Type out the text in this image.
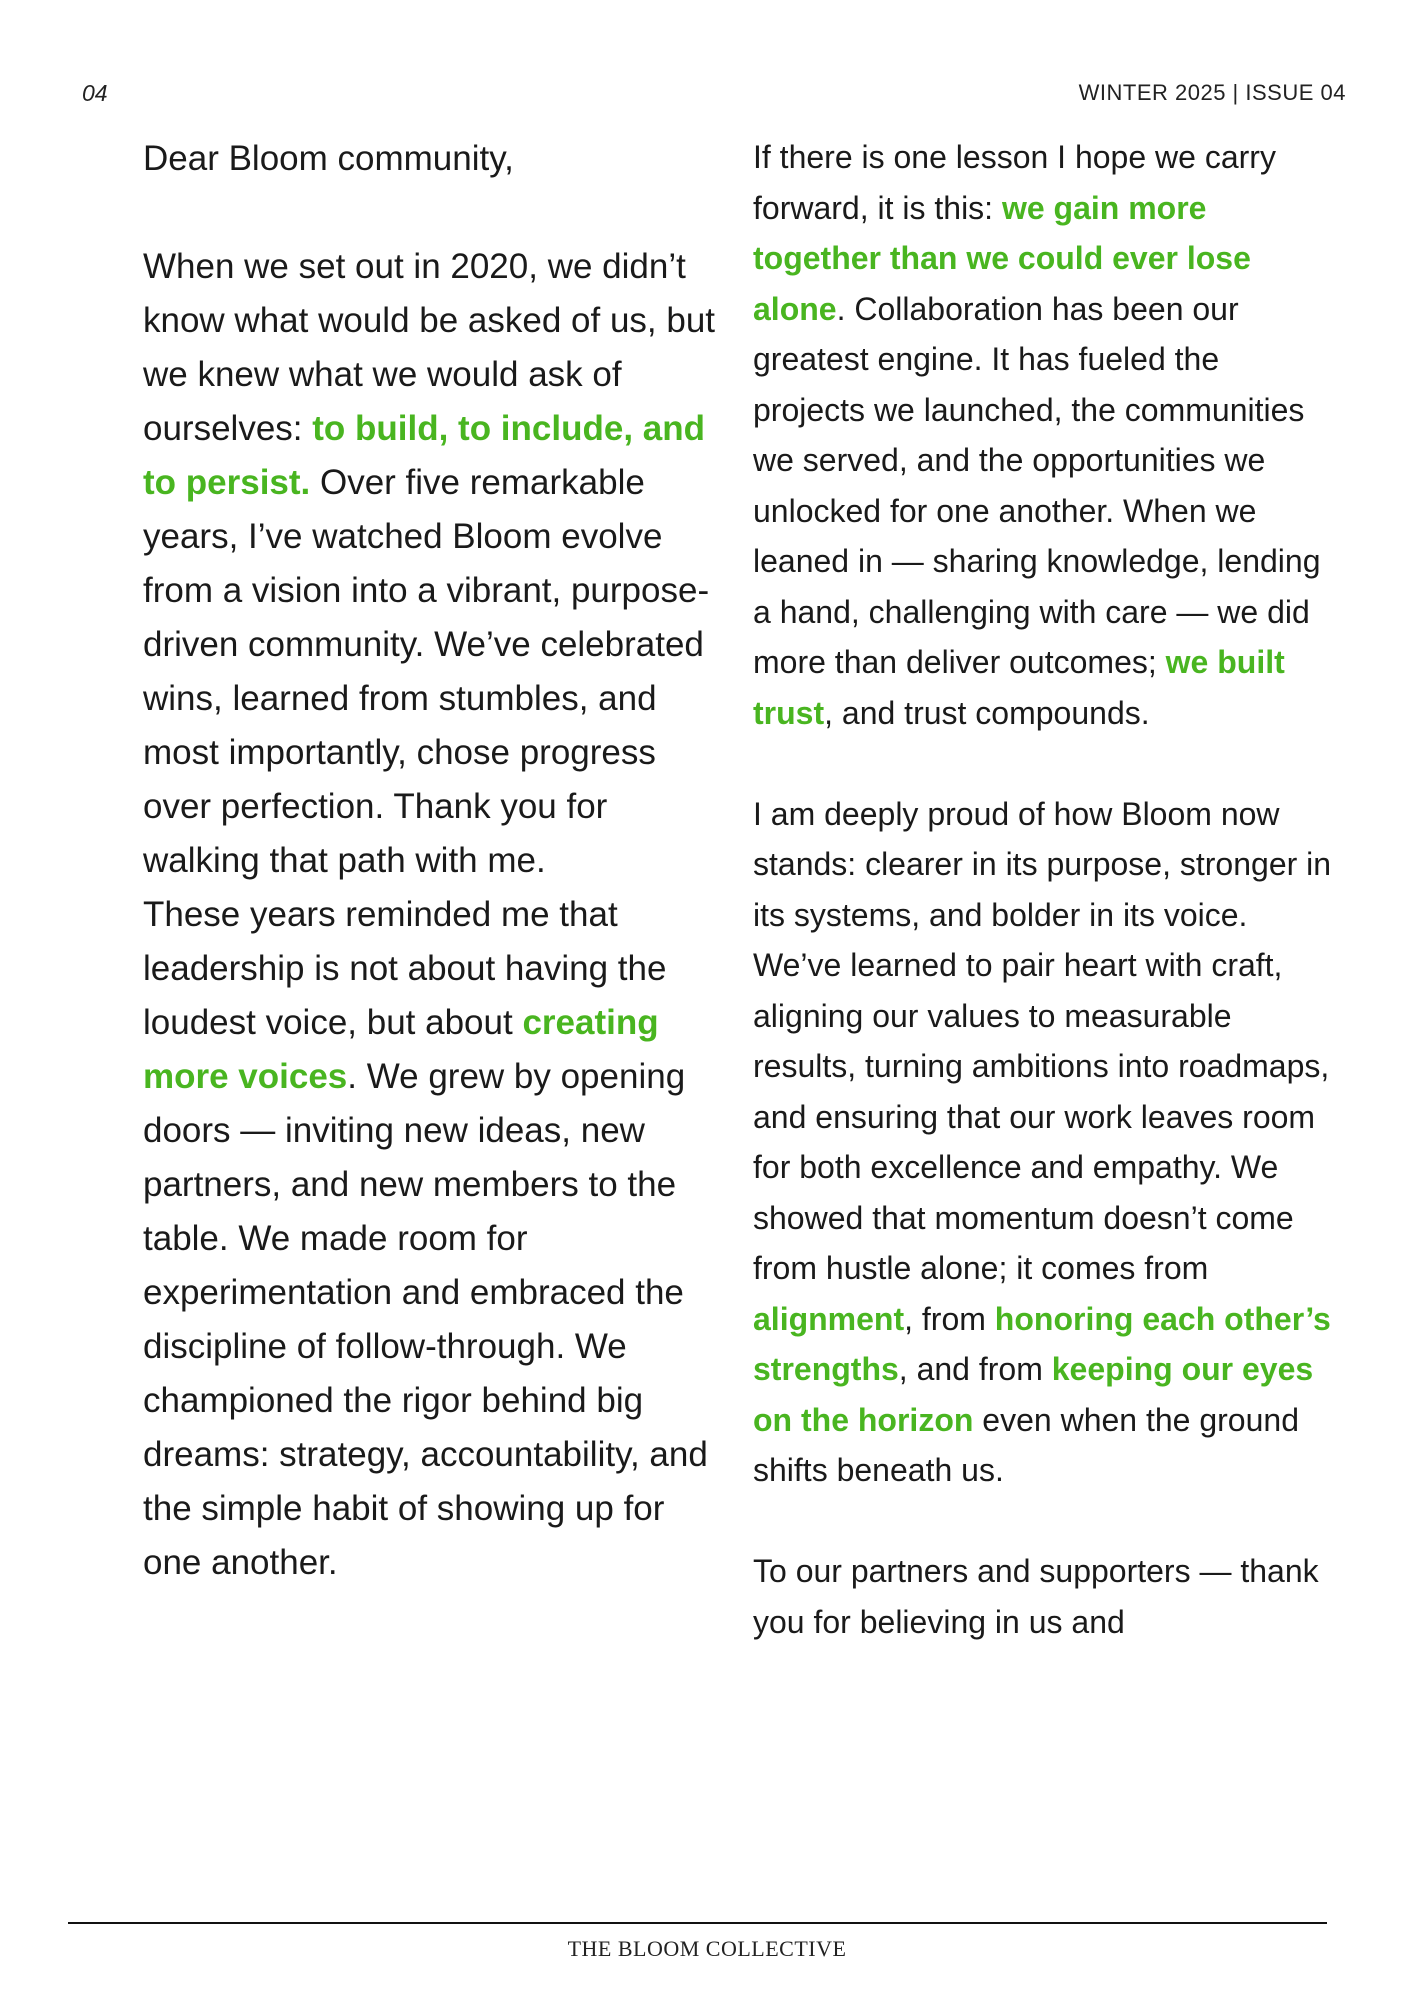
04	WINTER 2025 | ISSUE 04

Dear Bloom community,

When we set out in 2020, we didn’t know what would be asked of us, but we knew what we would ask of ourselves: to build, to include, and to persist. Over five remarkable years, I’ve watched Bloom evolve from a vision into a vibrant, purpose-driven community. We’ve celebrated wins, learned from stumbles, and most importantly, chose progress over perfection. Thank you for walking that path with me.

These years reminded me that leadership is not about having the loudest voice, but about creating more voices. We grew by opening doors — inviting new ideas, new partners, and new members to the table. We made room for experimentation and embraced the discipline of follow-through. We championed the rigor behind big dreams: strategy, accountability, and the simple habit of showing up for one another.

If there is one lesson I hope we carry forward, it is this: we gain more together than we could ever lose alone. Collaboration has been our greatest engine. It has fueled the projects we launched, the communities we served, and the opportunities we unlocked for one another. When we leaned in — sharing knowledge, lending a hand, challenging with care — we did more than deliver outcomes; we built trust, and trust compounds.

I am deeply proud of how Bloom now stands: clearer in its purpose, stronger in its systems, and bolder in its voice. We’ve learned to pair heart with craft, aligning our values to measurable results, turning ambitions into roadmaps, and ensuring that our work leaves room for both excellence and empathy. We showed that momentum doesn’t come from hustle alone; it comes from alignment, from honoring each other’s strengths, and from keeping our eyes on the horizon even when the ground shifts beneath us.

To our partners and supporters — thank you for believing in us and

THE BLOOM COLLECTIVE
